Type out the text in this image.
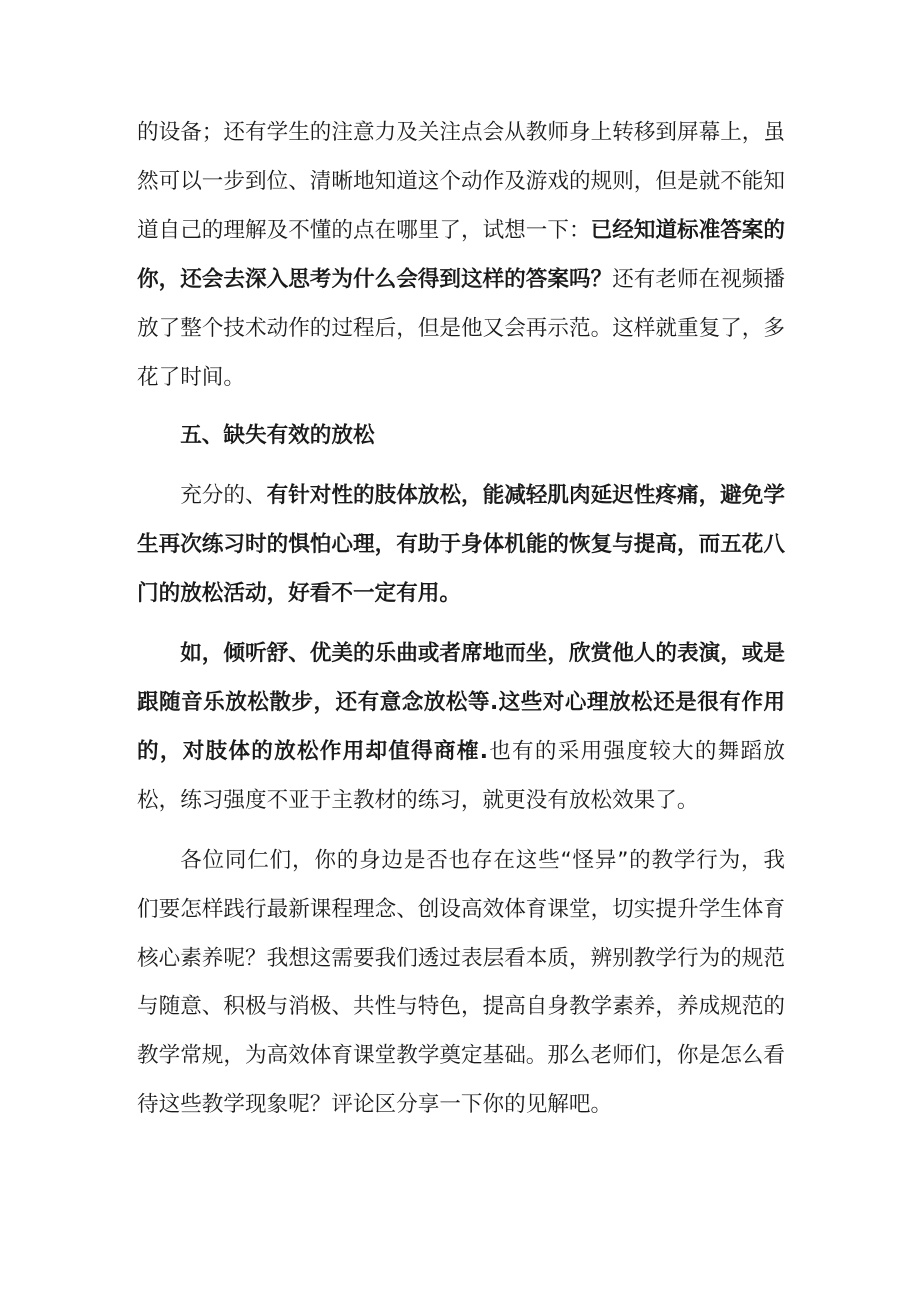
的设备；还有学生的注意力及关注点会从教师身上转移到屏幕上，虽然可以一步到位、清晰地知道这个动作及游戏的规则，但是就不能知道自己的理解及不懂的点在哪里了，试想一下：已经知道标准答案的你，还会去深入思考为什么会得到这样的答案吗？还有老师在视频播放了整个技术动作的过程后，但是他又会再示范。这样就重复了，多花了时间。

五、缺失有效的放松

充分的、有针对性的肢体放松，能减轻肌肉延迟性疼痛，避免学生再次练习时的惧怕心理，有助于身体机能的恢复与提高，而五花八门的放松活动，好看不一定有用。

如，倾听舒、优美的乐曲或者席地而坐，欣赏他人的表演，或是跟随音乐放松散步，还有意念放松等.这些对心理放松还是很有作用的，对肢体的放松作用却值得商榷.也有的采用强度较大的舞蹈放松，练习强度不亚于主教材的练习，就更没有放松效果了。

各位同仁们，你的身边是否也存在这些“怪异”的教学行为，我们要怎样践行最新课程理念、创设高效体育课堂，切实提升学生体育核心素养呢？我想这需要我们透过表层看本质，辨别教学行为的规范与随意、积极与消极、共性与特色，提高自身教学素养，养成规范的教学常规，为高效体育课堂教学奠定基础。那么老师们，你是怎么看待这些教学现象呢？评论区分享一下你的见解吧。
